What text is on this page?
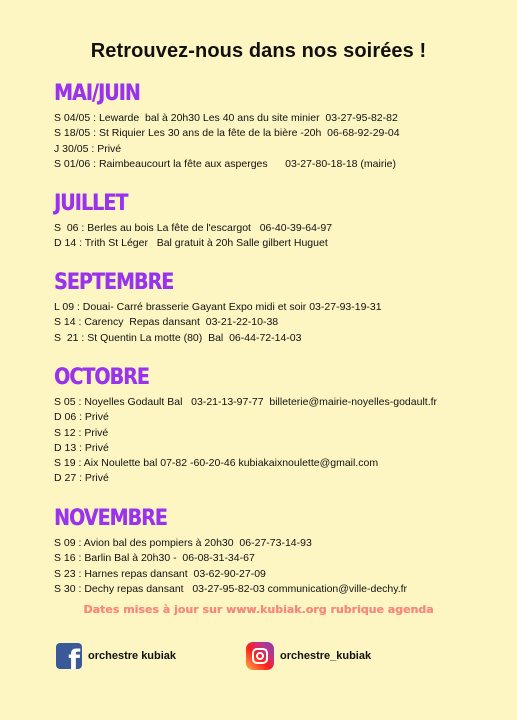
Retrouvez-nous dans nos soirées !
MAI/JUIN
S 04/05 : Lewarde  bal à 20h30 Les 40 ans du site minier  03-27-95-82-82
S 18/05 : St Riquier Les 30 ans de la fête de la bière -20h  06-68-92-29-04
J 30/05 : Privé
S 01/06 : Raimbeaucourt la fête aux asperges      03-27-80-18-18 (mairie)
JUILLET
S  06 : Berles au bois La fête de l'escargot   06-40-39-64-97
D 14 : Trith St Léger   Bal gratuit à 20h Salle gilbert Huguet
SEPTEMBRE
L 09 : Douai- Carré brasserie Gayant Expo midi et soir 03-27-93-19-31
S 14 : Carency  Repas dansant  03-21-22-10-38
S  21 : St Quentin La motte (80)  Bal  06-44-72-14-03
OCTOBRE
S 05 : Noyelles Godault Bal   03-21-13-97-77  billeterie@mairie-noyelles-godault.fr
D 06 : Privé
S 12 : Privé
D 13 : Privé
S 19 : Aix Noulette bal 07-82 -60-20-46 kubiakaixnoulette@gmail.com
D 27 : Privé
NOVEMBRE
S 09 : Avion bal des pompiers à 20h30  06-27-73-14-93
S 16 : Barlin Bal à 20h30 -  06-08-31-34-67
S 23 : Harnes repas dansant  03-62-90-27-09
S 30 : Dechy repas dansant   03-27-95-82-03 communication@ville-dechy.fr
Dates mises à jour sur www.kubiak.org rubrique agenda
f orchestre kubiak	orchestre_kubiak
